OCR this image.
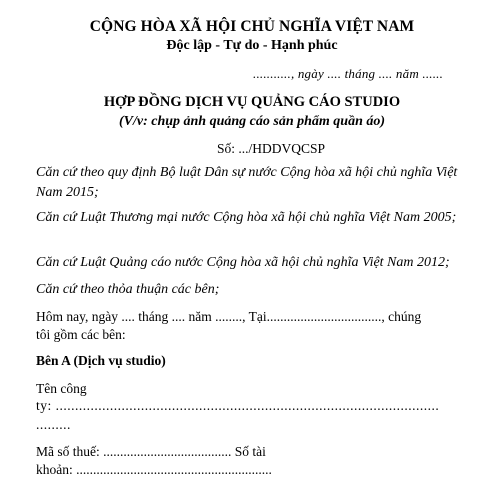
CỘNG HÒA XÃ HỘI CHỦ NGHĨA VIỆT NAM

Độc lập - Tự do - Hạnh phúc

..........., ngày .... tháng .... năm ......

HỢP ĐỒNG DỊCH VỤ QUẢNG CÁO STUDIO

(V/v: chụp ảnh quảng cáo sản phẩm quần áo)

Số: .../HDDVQCSP

Căn cứ theo quy định Bộ luật Dân sự nước Cộng hòa xã hội chủ nghĩa Việt Nam 2015;

Căn cứ Luật Thương mại nước Cộng hòa xã hội chủ nghĩa Việt Nam 2005;

Căn cứ Luật Quảng cáo nước Cộng hòa xã hội chủ nghĩa Việt Nam 2012;

Căn cứ theo thỏa thuận các bên;

Hôm nay, ngày .... tháng .... năm ........, Tại.................................., chúng

tôi gồm các bên:

Bên A (Dịch vụ studio)

Tên công

ty: ...................................................................................................

.........

Mã số thuế: ...................................... Số tài

khoản: ..........................................................
